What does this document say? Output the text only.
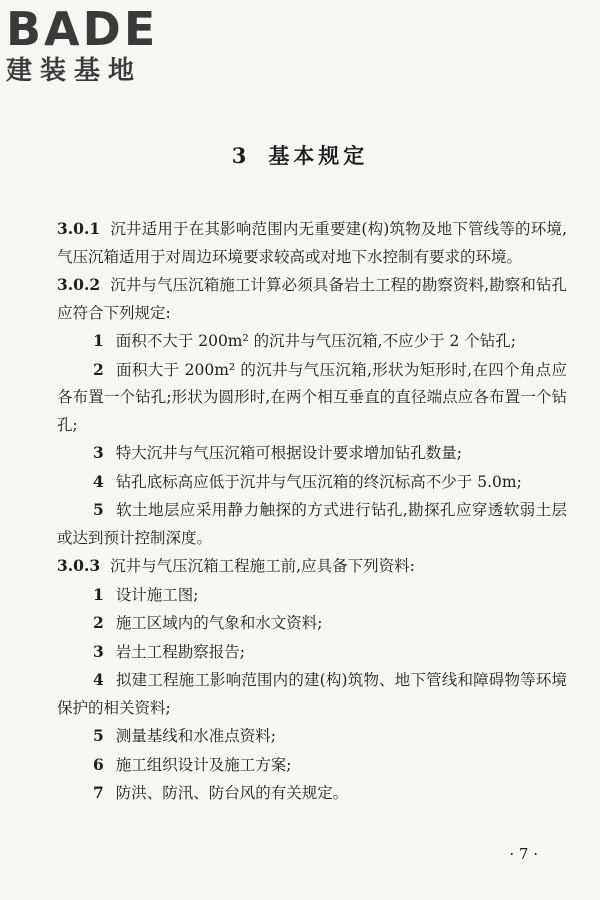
BADE
建装基地
3 基本规定

3.0.1 沉井适用于在其影响范围内无重要建(构)筑物及地下管线等的环境,气压沉箱适用于对周边环境要求较高或对地下水控制有要求的环境。

3.0.2 沉井与气压沉箱施工计算必须具备岩土工程的勘察资料,勘察和钻孔应符合下列规定:

1 面积不大于 200m² 的沉井与气压沉箱,不应少于 2 个钻孔;

2 面积大于 200m² 的沉井与气压沉箱,形状为矩形时,在四个角点应各布置一个钻孔;形状为圆形时,在两个相互垂直的直径端点应各布置一个钻孔;

3 特大沉井与气压沉箱可根据设计要求增加钻孔数量;

4 钻孔底标高应低于沉井与气压沉箱的终沉标高不少于 5.0m;

5 软土地层应采用静力触探的方式进行钻孔,勘探孔应穿透软弱土层或达到预计控制深度。

3.0.3 沉井与气压沉箱工程施工前,应具备下列资料:

1 设计施工图;

2 施工区域内的气象和水文资料;

3 岩土工程勘察报告;

4 拟建工程施工影响范围内的建(构)筑物、地下管线和障碍物等环境保护的相关资料;

5 测量基线和水准点资料;

6 施工组织设计及施工方案;

7 防洪、防汛、防台风的有关规定。

· 7 ·
